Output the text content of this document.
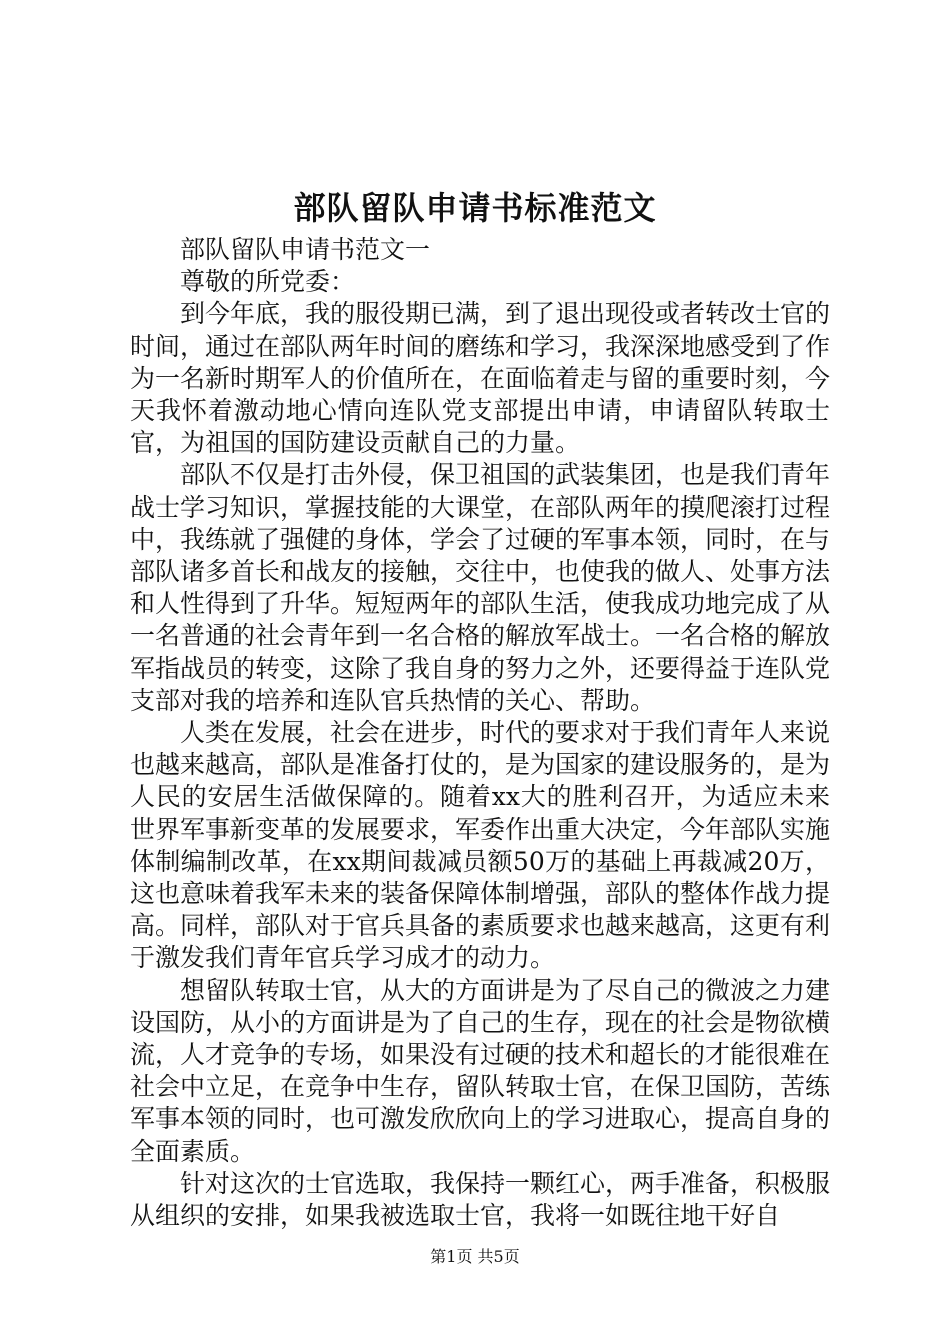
部队留队申请书标准范文

部队留队申请书范文一

尊敬的所党委：

到今年底，我的服役期已满，到了退出现役或者转改士官的时间，通过在部队两年时间的磨练和学习，我深深地感受到了作为一名新时期军人的价值所在，在面临着走与留的重要时刻，今天我怀着激动地心情向连队党支部提出申请，申请留队转取士官，为祖国的国防建设贡献自己的力量。

部队不仅是打击外侵，保卫祖国的武装集团，也是我们青年战士学习知识，掌握技能的大课堂，在部队两年的摸爬滚打过程中，我练就了强健的身体，学会了过硬的军事本领，同时，在与部队诸多首长和战友的接触，交往中，也使我的做人、处事方法和人性得到了升华。短短两年的部队生活，使我成功地完成了从一名普通的社会青年到一名合格的解放军战士。一名合格的解放军指战员的转变，这除了我自身的努力之外，还要得益于连队党支部对我的培养和连队官兵热情的关心、帮助。

人类在发展，社会在进步，时代的要求对于我们青年人来说也越来越高，部队是准备打仗的，是为国家的建设服务的，是为人民的安居生活做保障的。随着xx大的胜利召开，为适应未来世界军事新变革的发展要求，军委作出重大决定，今年部队实施体制编制改革，在xx期间裁减员额50万的基础上再裁减20万，这也意味着我军未来的装备保障体制增强，部队的整体作战力提高。同样，部队对于官兵具备的素质要求也越来越高，这更有利于激发我们青年官兵学习成才的动力。

想留队转取士官，从大的方面讲是为了尽自己的微波之力建设国防，从小的方面讲是为了自己的生存，现在的社会是物欲横流，人才竞争的专场，如果没有过硬的技术和超长的才能很难在社会中立足，在竞争中生存，留队转取士官，在保卫国防，苦练军事本领的同时，也可激发欣欣向上的学习进取心，提高自身的全面素质。

针对这次的士官选取，我保持一颗红心，两手准备，积极服从组织的安排，如果我被选取士官，我将一如既往地干好自

第1页 共5页
